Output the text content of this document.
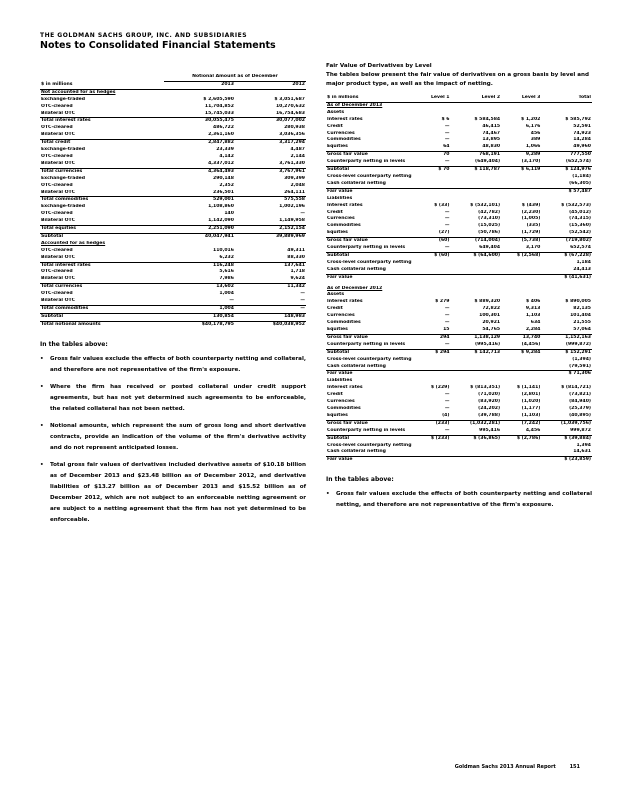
THE GOLDMAN SACHS GROUP, INC. AND SUBSIDIARIES
Notes to Consolidated Financial Statements
	Notional Amount as of December	
$ in millions	2013	2012
Not accounted for as hedges		
Exchange-traded	$ 2,605,590	$ 3,051,687
OTC-cleared	11,704,852	10,270,632
Bilateral OTC	15,745,033	16,754,683
Total interest rates	30,055,475	30,077,002
OTC-cleared	486,722	280,938
Bilateral OTC	2,361,160	3,036,356
Total credit	2,847,882	3,317,294
Exchange-traded	23,339	4,487
OTC-cleared	4,142	2,144
Bilateral OTC	4,337,012	3,761,330
Total currencies	4,364,493	3,767,961
Exchange-traded	290,148	309,399
OTC-cleared	2,352	2,048
Bilateral OTC	236,501	264,111
Total commodities	529,001	575,558
Exchange-traded	1,108,860	1,002,196
OTC-cleared	140	—
Bilateral OTC	1,142,090	1,149,958
Total equities	2,251,090	2,152,154
Subtotal	40,047,941	39,889,969
Accounted for as hedges		
OTC-cleared	110,016	49,311
Bilateral OTC	6,232	88,330
Total interest rates	116,248	137,641
OTC-cleared	5,616	1,718
Bilateral OTC	7,986	9,624
Total currencies	13,602	11,342
OTC-cleared	1,004	—
Bilateral OTC	—	—
Total commodities	1,004	—
Subtotal	130,854	148,983
Total notional amounts	$40,178,795	$40,038,952
In the tables above:
• Gross fair values exclude the effects of both counterparty netting and collateral, and therefore are not representative of the firm's exposure.
• Where the firm has received or posted collateral under credit support agreements, but has not yet determined such agreements to be enforceable, the related collateral has not been netted.
• Notional amounts, which represent the sum of gross long and short derivative contracts, provide an indication of the volume of the firm's derivative activity and do not represent anticipated losses.
• Total gross fair values of derivatives included derivative assets of $10.18 billion as of December 2013 and $23.48 billion as of December 2012, and derivative liabilities of $13.27 billion as of December 2013 and $15.52 billion as of December 2012, which are not subject to an enforceable netting agreement or are subject to a netting agreement that the firm has not yet determined to be enforceable.
Fair Value of Derivatives by Level
The tables below present the fair value of derivatives on a gross basis by level and major product type, as well as the impact of netting.
$ in millions	Level 1	Level 2	Level 3	Total
As of December 2013				
Assets				
Interest rates	$ 6	$ 584,584	$ 1,202	$ 585,792
Credit	—	46,415	6,176	52,591
Currencies	—	74,467	456	74,923
Commodities	—	13,895	389	14,284
Equities	64	48,830	1,066	49,960
Gross fair value	70	768,191	9,289	777,550
Counterparty netting in levels	—	(649,404)	(3,170)	(652,574)
Subtotal	$ 70	$ 118,787	$ 6,119	$ 124,976
Cross-level counterparty netting				(1,184)
Cash collateral netting				(66,305)
Fair value				$ 57,487
Liabilities				
Interest rates	$ (33)	$ (532,101)	$ (439)	$ (532,573)
Credit	—	(42,782)	(2,230)	(45,012)
Currencies	—	(73,310)	(1,005)	(74,315)
Commodities	—	(15,025)	(335)	(15,360)
Equities	(27)	(50,786)	(1,729)	(52,542)
Gross fair value	(60)	(714,004)	(5,738)	(719,802)
Counterparty netting in levels	—	649,404	3,170	652,574
Subtotal	$ (60)	$ (64,600)	$ (2,568)	$ (67,228)
Cross-level counterparty netting				1,184
Cash collateral netting				24,413
Fair value				$ (41,631)

As of December 2012				
Assets				
Interest rates	$ 279	$ 889,320	$ 406	$ 890,005
Credit	—	72,822	9,313	82,135
Currencies	—	100,301	1,103	101,404
Commodities	—	20,921	634	21,555
Equities	15	54,765	2,284	57,064
Gross fair value	294	1,138,129	13,740	1,152,163
Counterparty netting in levels	—	(995,416)	(4,456)	(999,872)
Subtotal	$ 294	$ 142,713	$ 9,284	$ 152,291
Cross-level counterparty netting				(1,394)
Cash collateral netting				(79,591)
Fair value				$ 71,306
Liabilities				
Interest rates	$ (229)	$ (813,351)	$ (1,141)	$ (814,721)
Credit	—	(71,020)	(2,801)	(73,821)
Currencies	—	(83,920)	(1,020)	(84,940)
Commodities	—	(24,202)	(1,177)	(25,379)
Equities	(4)	(39,788)	(1,103)	(40,895)
Gross fair value	(233)	(1,032,281)	(7,242)	(1,039,756)
Counterparty netting in levels	—	995,416	4,456	999,872
Subtotal	$ (233)	$ (36,865)	$ (2,786)	$ (39,884)
Cross-level counterparty netting				1,394
Cash collateral netting				14,631
Fair value				$ (23,859)
In the tables above:
• Gross fair values exclude the effects of both counterparty netting and collateral netting, and therefore are not representative of the firm's exposure.
Goldman Sachs 2013 Annual Report	151
